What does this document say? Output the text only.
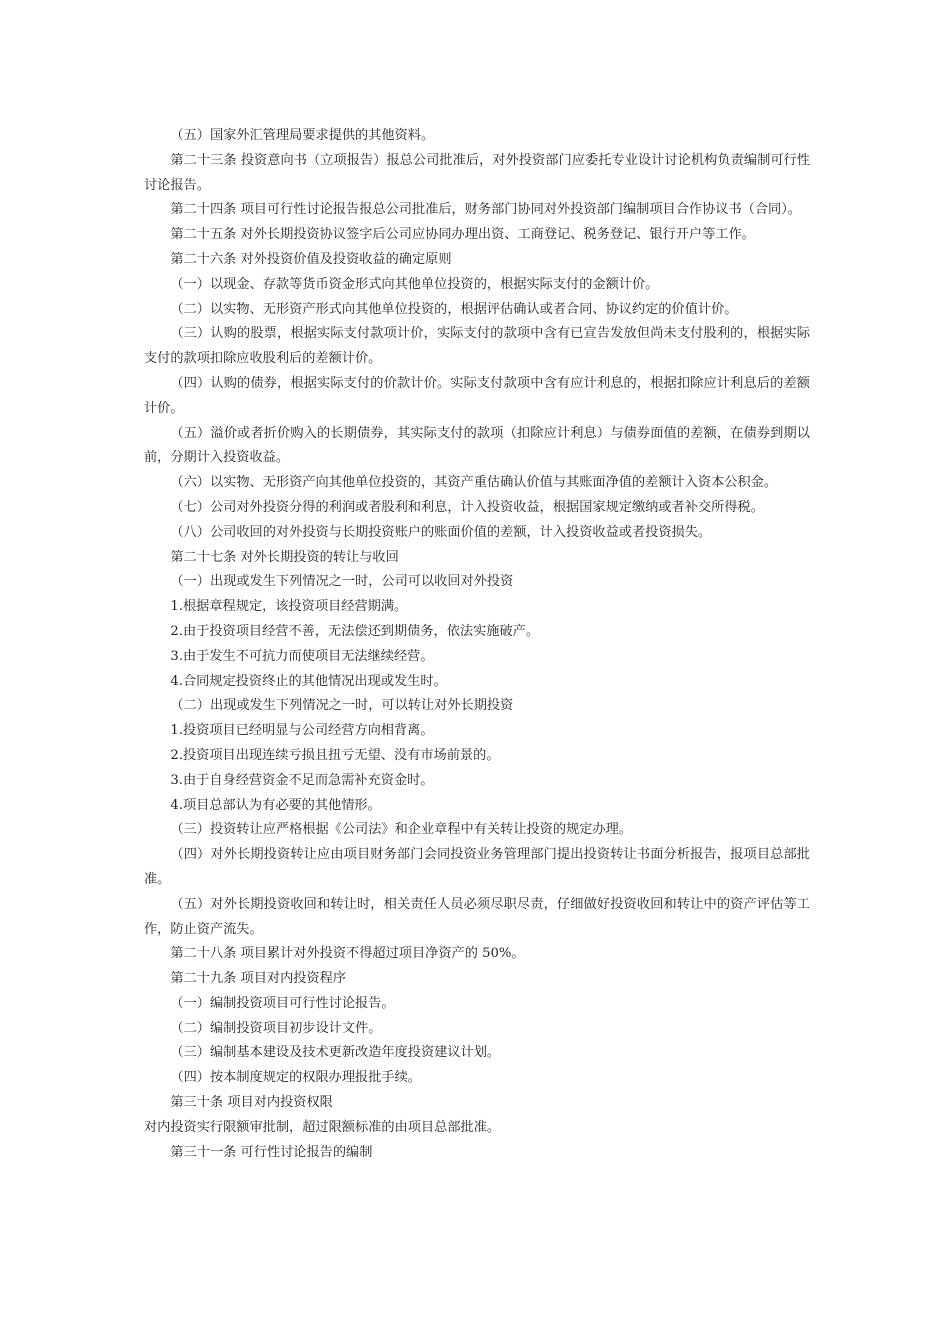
（五）国家外汇管理局要求提供的其他资料。

第二十三条 投资意向书（立项报告）报总公司批准后，对外投资部门应委托专业设计讨论机构负责编制可行性讨论报告。

第二十四条 项目可行性讨论报告报总公司批准后，财务部门协同对外投资部门编制项目合作协议书（合同）。

第二十五条 对外长期投资协议签字后公司应协同办理出资、工商登记、税务登记、银行开户等工作。

第二十六条 对外投资价值及投资收益的确定原则

（一）以现金、存款等货币资金形式向其他单位投资的，根据实际支付的金额计价。

（二）以实物、无形资产形式向其他单位投资的，根据评估确认或者合同、协议约定的价值计价。

（三）认购的股票，根据实际支付款项计价，实际支付的款项中含有已宣告发放但尚未支付股利的，根据实际支付的款项扣除应收股利后的差额计价。

（四）认购的债券，根据实际支付的价款计价。实际支付款项中含有应计利息的，根据扣除应计利息后的差额计价。

（五）溢价或者折价购入的长期债券，其实际支付的款项（扣除应计利息）与债券面值的差额，在债券到期以前，分期计入投资收益。

（六）以实物、无形资产向其他单位投资的，其资产重估确认价值与其账面净值的差额计入资本公积金。

（七）公司对外投资分得的利润或者股利和利息，计入投资收益，根据国家规定缴纳或者补交所得税。

（八）公司收回的对外投资与长期投资账户的账面价值的差额，计入投资收益或者投资损失。

第二十七条 对外长期投资的转让与收回

（一）出现或发生下列情况之一时，公司可以收回对外投资

1.根据章程规定，该投资项目经营期满。

2.由于投资项目经营不善，无法偿还到期债务，依法实施破产。

3.由于发生不可抗力而使项目无法继续经营。

4.合同规定投资终止的其他情况出现或发生时。

（二）出现或发生下列情况之一时，可以转让对外长期投资

1.投资项目已经明显与公司经营方向相背离。

2.投资项目出现连续亏损且扭亏无望、没有市场前景的。

3.由于自身经营资金不足而急需补充资金时。

4.项目总部认为有必要的其他情形。

（三）投资转让应严格根据《公司法》和企业章程中有关转让投资的规定办理。

（四）对外长期投资转让应由项目财务部门会同投资业务管理部门提出投资转让书面分析报告，报项目总部批准。

（五）对外长期投资收回和转让时，相关责任人员必须尽职尽责，仔细做好投资收回和转让中的资产评估等工作，防止资产流失。

第二十八条 项目累计对外投资不得超过项目净资产的 50%。

第二十九条 项目对内投资程序

（一）编制投资项目可行性讨论报告。

（二）编制投资项目初步设计文件。

（三）编制基本建设及技术更新改造年度投资建议计划。

（四）按本制度规定的权限办理报批手续。

第三十条 项目对内投资权限

对内投资实行限额审批制，超过限额标准的由项目总部批准。

第三十一条 可行性讨论报告的编制
